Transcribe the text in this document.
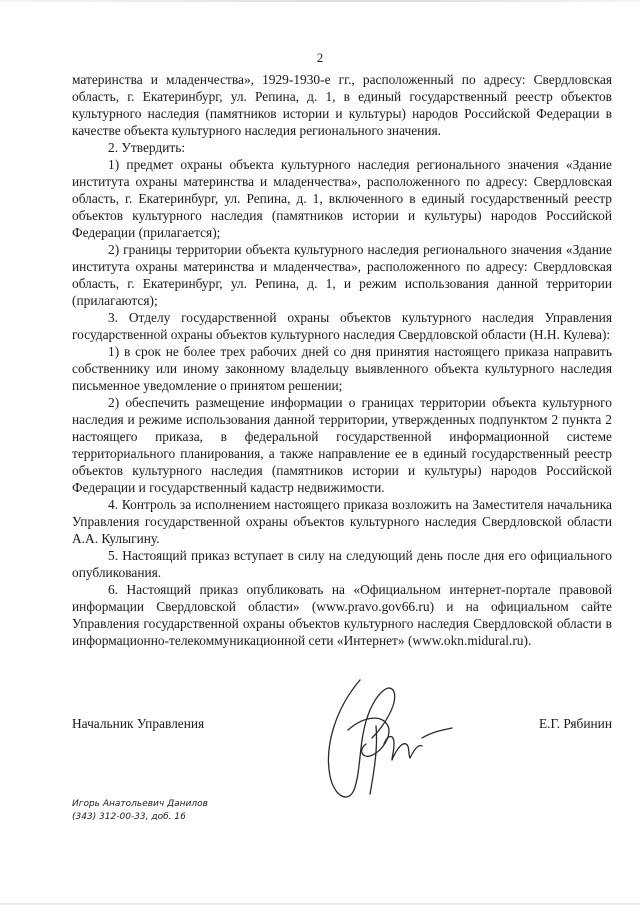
2

материнства и младенчества», 1929-1930-е гг., расположенный по адресу: Свердловская область, г. Екатеринбург, ул. Репина, д. 1, в единый государственный реестр объектов культурного наследия (памятников истории и культуры) народов Российской Федерации в качестве объекта культурного наследия регионального значения.

2. Утвердить:

1) предмет охраны объекта культурного наследия регионального значения «Здание института охраны материнства и младенчества», расположенного по адресу: Свердловская область, г. Екатеринбург, ул. Репина, д. 1, включенного в единый государственный реестр объектов культурного наследия (памятников истории и культуры) народов Российской Федерации (прилагается);

2) границы территории объекта культурного наследия регионального значения «Здание института охраны материнства и младенчества», расположенного по адресу: Свердловская область, г. Екатеринбург, ул. Репина, д. 1, и режим использования данной территории (прилагаются);

3. Отделу государственной охраны объектов культурного наследия Управления государственной охраны объектов культурного наследия Свердловской области (Н.Н. Кулева):

1) в срок не более трех рабочих дней со дня принятия настоящего приказа направить собственнику или иному законному владельцу выявленного объекта культурного наследия письменное уведомление о принятом решении;

2) обеспечить размещение информации о границах территории объекта культурного наследия и режиме использования данной территории, утвержденных подпунктом 2 пункта 2 настоящего приказа, в федеральной государственной информационной системе территориального планирования, а также направление ее в единый государственный реестр объектов культурного наследия (памятников истории и культуры) народов Российской Федерации и государственный кадастр недвижимости.

4. Контроль за исполнением настоящего приказа возложить на Заместителя начальника Управления государственной охраны объектов культурного наследия Свердловской области А.А. Кулыгину.

5. Настоящий приказ вступает в силу на следующий день после дня его официального опубликования.

6. Настоящий приказ опубликовать на «Официальном интернет-портале правовой информации Свердловской области» (www.pravo.gov66.ru) и на официальном сайте Управления государственной охраны объектов культурного наследия Свердловской области в информационно-телекоммуникационной сети «Интернет» (www.okn.midural.ru).

Начальник Управления	Е.Г. Рябинин
Игорь Анатольевич Данилов
(343) 312-00-33, доб. 16
